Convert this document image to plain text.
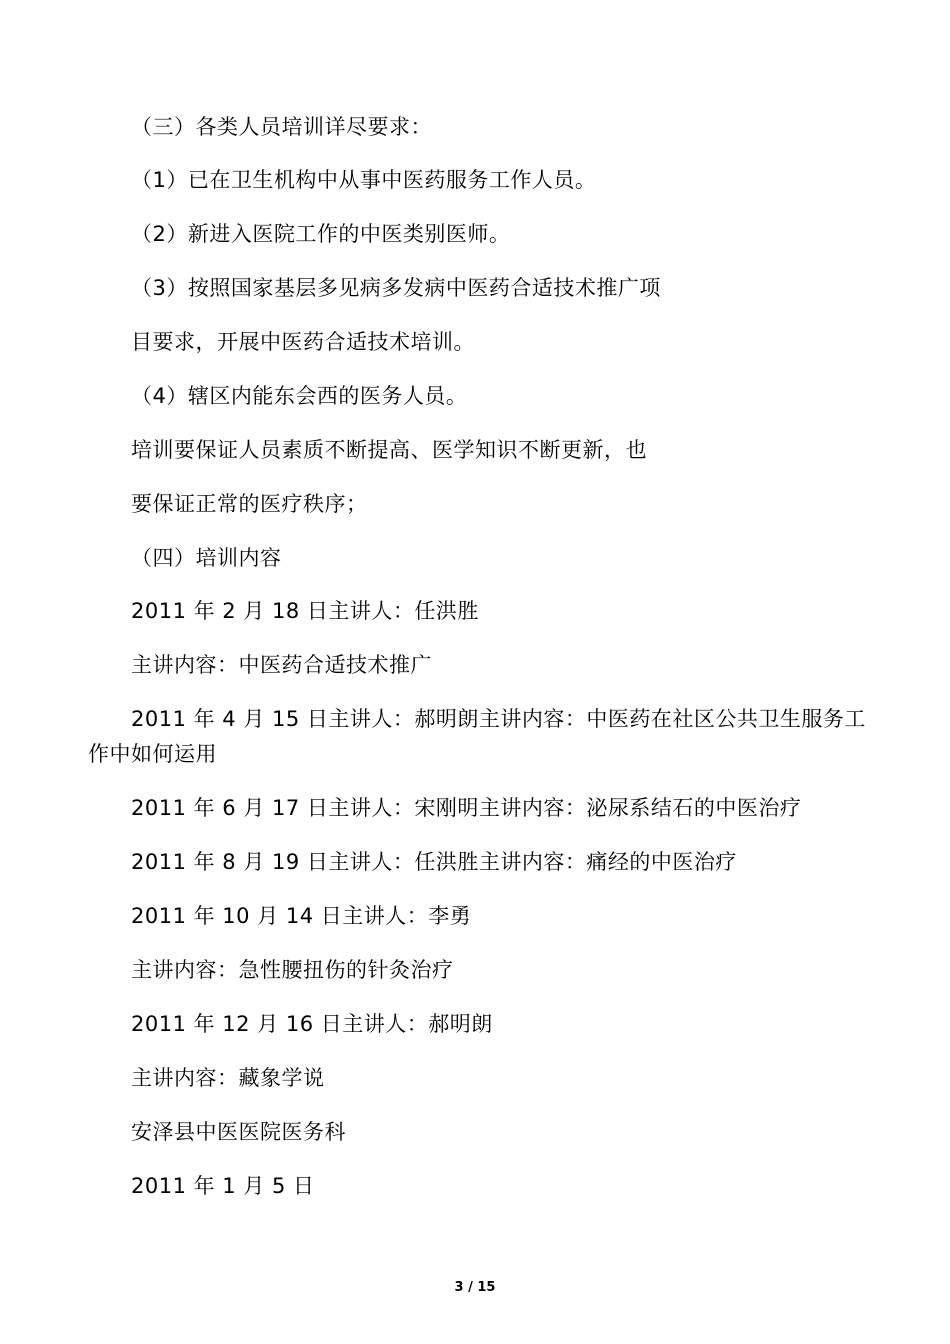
（三）各类人员培训详尽要求：
（1）已在卫生机构中从事中医药服务工作人员。
（2）新进入医院工作的中医类别医师。
（3）按照国家基层多见病多发病中医药合适技术推广项
目要求，开展中医药合适技术培训。
（4）辖区内能东会西的医务人员。
培训要保证人员素质不断提高、医学知识不断更新，也
要保证正常的医疗秩序；
（四）培训内容
2011 年 2 月 18 日主讲人：任洪胜
主讲内容：中医药合适技术推广
2011 年 4 月 15 日主讲人：郝明朗主讲内容：中医药在社区公共卫生服务工
作中如何运用
2011 年 6 月 17 日主讲人：宋刚明主讲内容：泌尿系结石的中医治疗
2011 年 8 月 19 日主讲人：任洪胜主讲内容：痛经的中医治疗
2011 年 10 月 14 日主讲人：李勇
主讲内容：急性腰扭伤的针灸治疗
2011 年 12 月 16 日主讲人：郝明朗
主讲内容：藏象学说
安泽县中医医院医务科
2011 年 1 月 5 日
3 / 15
